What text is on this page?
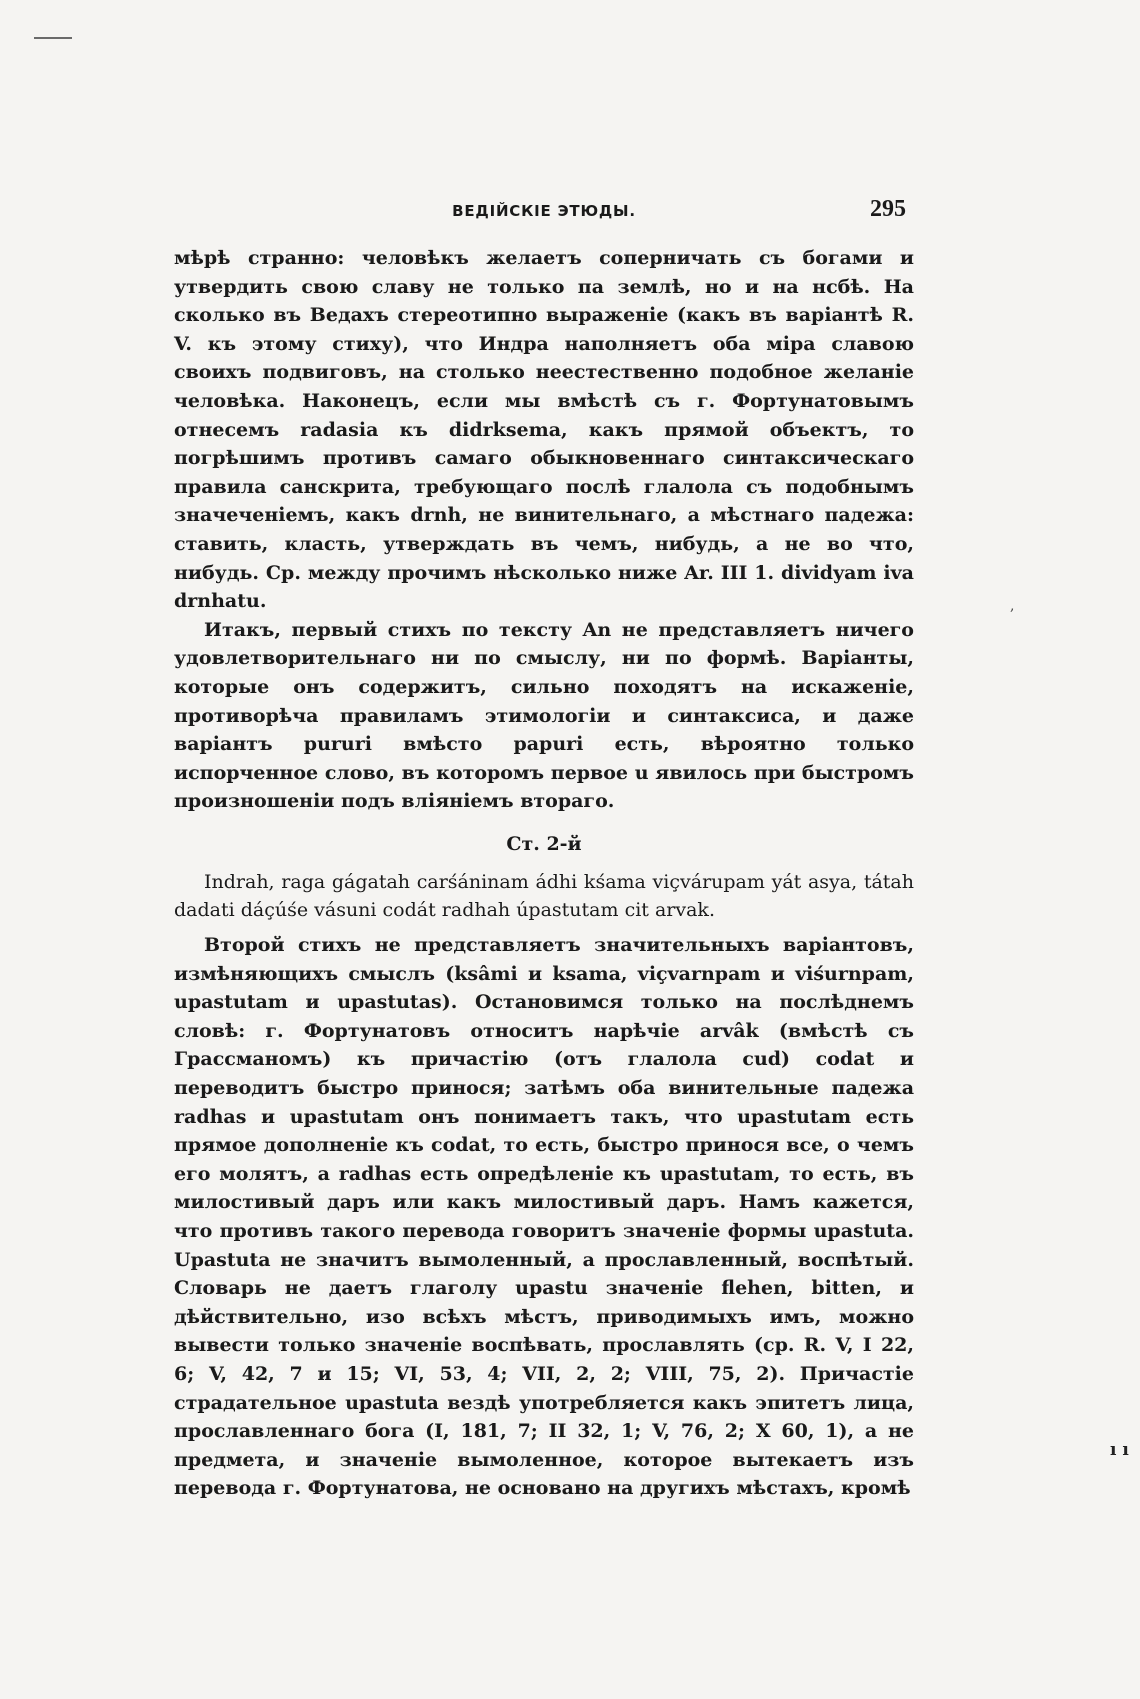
,
ı ı
ВЕДІЙСКІЕ ЭТЮДЫ.	295

мѣрѣ странно: человѣкъ желаетъ соперничать съ богами и утвердить свою славу не только па землѣ, но и на нсбѣ. На сколько въ Ведахъ стереотипно выраженіе (какъ въ варіантѣ R. V. къ этому стиху), что Индра наполняетъ оба міра славою своихъ подвиговъ, на столько неестественно подобное желаніе человѣка. Наконецъ, если мы вмѣстѣ съ г. Фортунатовымъ отнесемъ radasia къ didrksema, какъ прямой объектъ, то погрѣшимъ противъ самаго обыкновеннаго синтаксическаго правила санскрита, требующаго послѣ глалола съ подобнымъ значеченіемъ, какъ drnh, не винительнаго, а мѣстнаго падежа: ставить, класть, утверждать въ чемъ, нибудь, а не во что, нибудь. Ср. между прочимъ нѣсколько ниже Ar. III 1. dividyam iva drnhatu.

Итакъ, первый стихъ по тексту An не представляетъ ничего удовлетворительнаго ни по смыслу, ни по формѣ. Варіанты, которые онъ содержитъ, сильно походятъ на искаженіе, противорѣча правиламъ этимологіи и синтаксиса, и даже варіантъ pururi вмѣсто papuri есть, вѣроятно только испорченное слово, въ которомъ первое u явилось при быстромъ произношеніи подъ вліяніемъ втораго.

Ст. 2-й

Indrah, raga gágatah carśáninam ádhi kśama viçvárupam yát asya, tátah dadati dáçúśe vásuni codát radhah úpastutam cit arvak.

Второй стихъ не представляетъ значительныхъ варіантовъ, измѣняющихъ смыслъ (ksâmi и ksama, viçvarnpam и viśurnpam, upastutam и upastutas). Остановимся только на послѣднемъ словѣ: г. Фортунатовъ относитъ нарѣчіе arvâk (вмѣстѣ съ Грассманомъ) къ причастію (отъ глалола cud) codat и переводитъ быстро принося; затѣмъ оба винительные падежа radhas и upastutam онъ понимаетъ такъ, что upastutam есть прямое дополненіе къ codat, то есть, быстро принося все, о чемъ его молятъ, а radhas есть опредѣленіе къ upastutam, то есть, въ милостивый даръ или какъ милостивый даръ. Намъ кажется, что противъ такого перевода говоритъ значеніе формы upastuta. Upastuta не значитъ вымоленный, а прославленный, воспѣтый. Словарь не даетъ глаголу upastu значеніе flehen, bitten, и дѣйствительно, изо всѣхъ мѣстъ, приводимыхъ имъ, можно вывести только значеніе воспѣвать, прославлять (ср. R. V, I 22, 6; V, 42, 7 и 15; VI, 53, 4; VII, 2, 2; VIII, 75, 2). Причастіе страдательное upastuta вездѣ употребляется какъ эпитетъ лица, прославленнаго бога (I, 181, 7; II 32, 1; V, 76, 2; X 60, 1), а не предмета, и значеніе вымоленное, которое вытекаетъ изъ перевода г. Фортунатова, не основано на другихъ мѣстахъ, кромѣ
